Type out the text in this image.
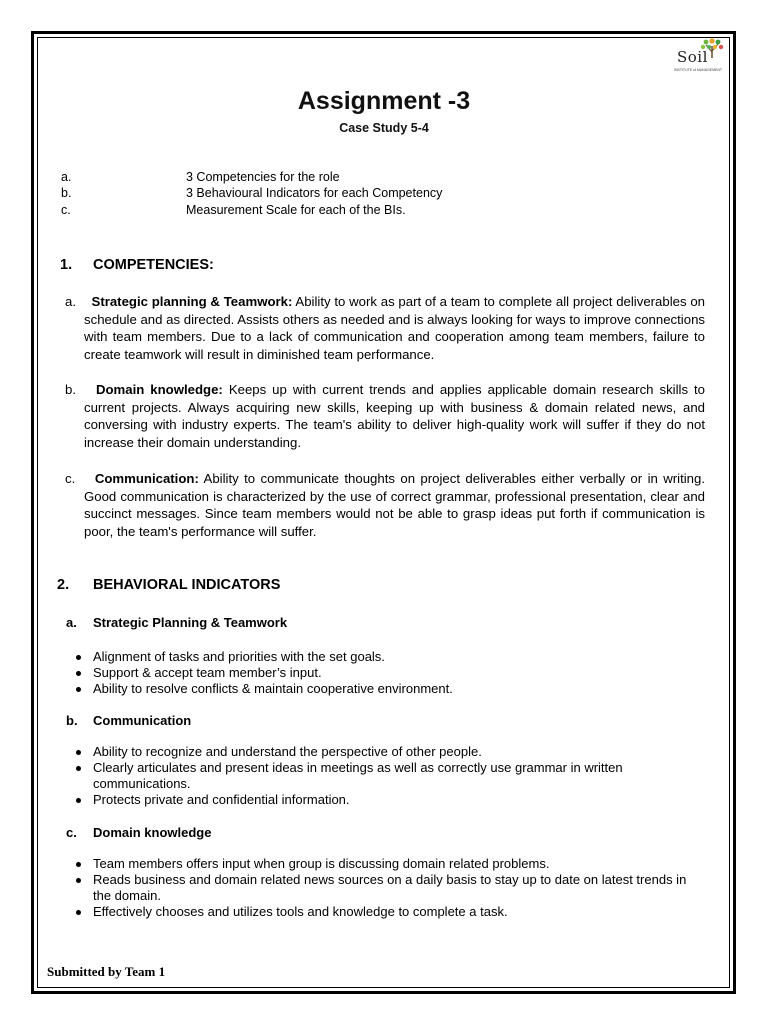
Soil
INSTITUTE of MANAGEMENT
Assignment -3
Case Study 5-4
a.	3 Competencies for the role
b.	3 Behavioural Indicators for each Competency
c.	Measurement Scale for each of the BIs.
1. COMPETENCIES:
a. Strategic planning & Teamwork: Ability to work as part of a team to complete all project deliverables on schedule and as directed. Assists others as needed and is always looking for ways to improve connections with team members. Due to a lack of communication and cooperation among team members, failure to create teamwork will result in diminished team performance.
b. Domain knowledge: Keeps up with current trends and applies applicable domain research skills to current projects. Always acquiring new skills, keeping up with business & domain related news, and conversing with industry experts. The team's ability to deliver high-quality work will suffer if they do not increase their domain understanding.
c. Communication: Ability to communicate thoughts on project deliverables either verbally or in writing. Good communication is characterized by the use of correct grammar, professional presentation, clear and succinct messages. Since team members would not be able to grasp ideas put forth if communication is poor, the team's performance will suffer.
2. BEHAVIORAL INDICATORS
a. Strategic Planning & Teamwork
Alignment of tasks and priorities with the set goals.
Support & accept team member’s input.
Ability to resolve conflicts & maintain cooperative environment.
b. Communication
Ability to recognize and understand the perspective of other people.
Clearly articulates and present ideas in meetings as well as correctly use grammar in written communications.
Protects private and confidential information.
c. Domain knowledge
Team members offers input when group is discussing domain related problems.
Reads business and domain related news sources on a daily basis to stay up to date on latest trends in the domain.
Effectively chooses and utilizes tools and knowledge to complete a task.
Submitted by Team 1
